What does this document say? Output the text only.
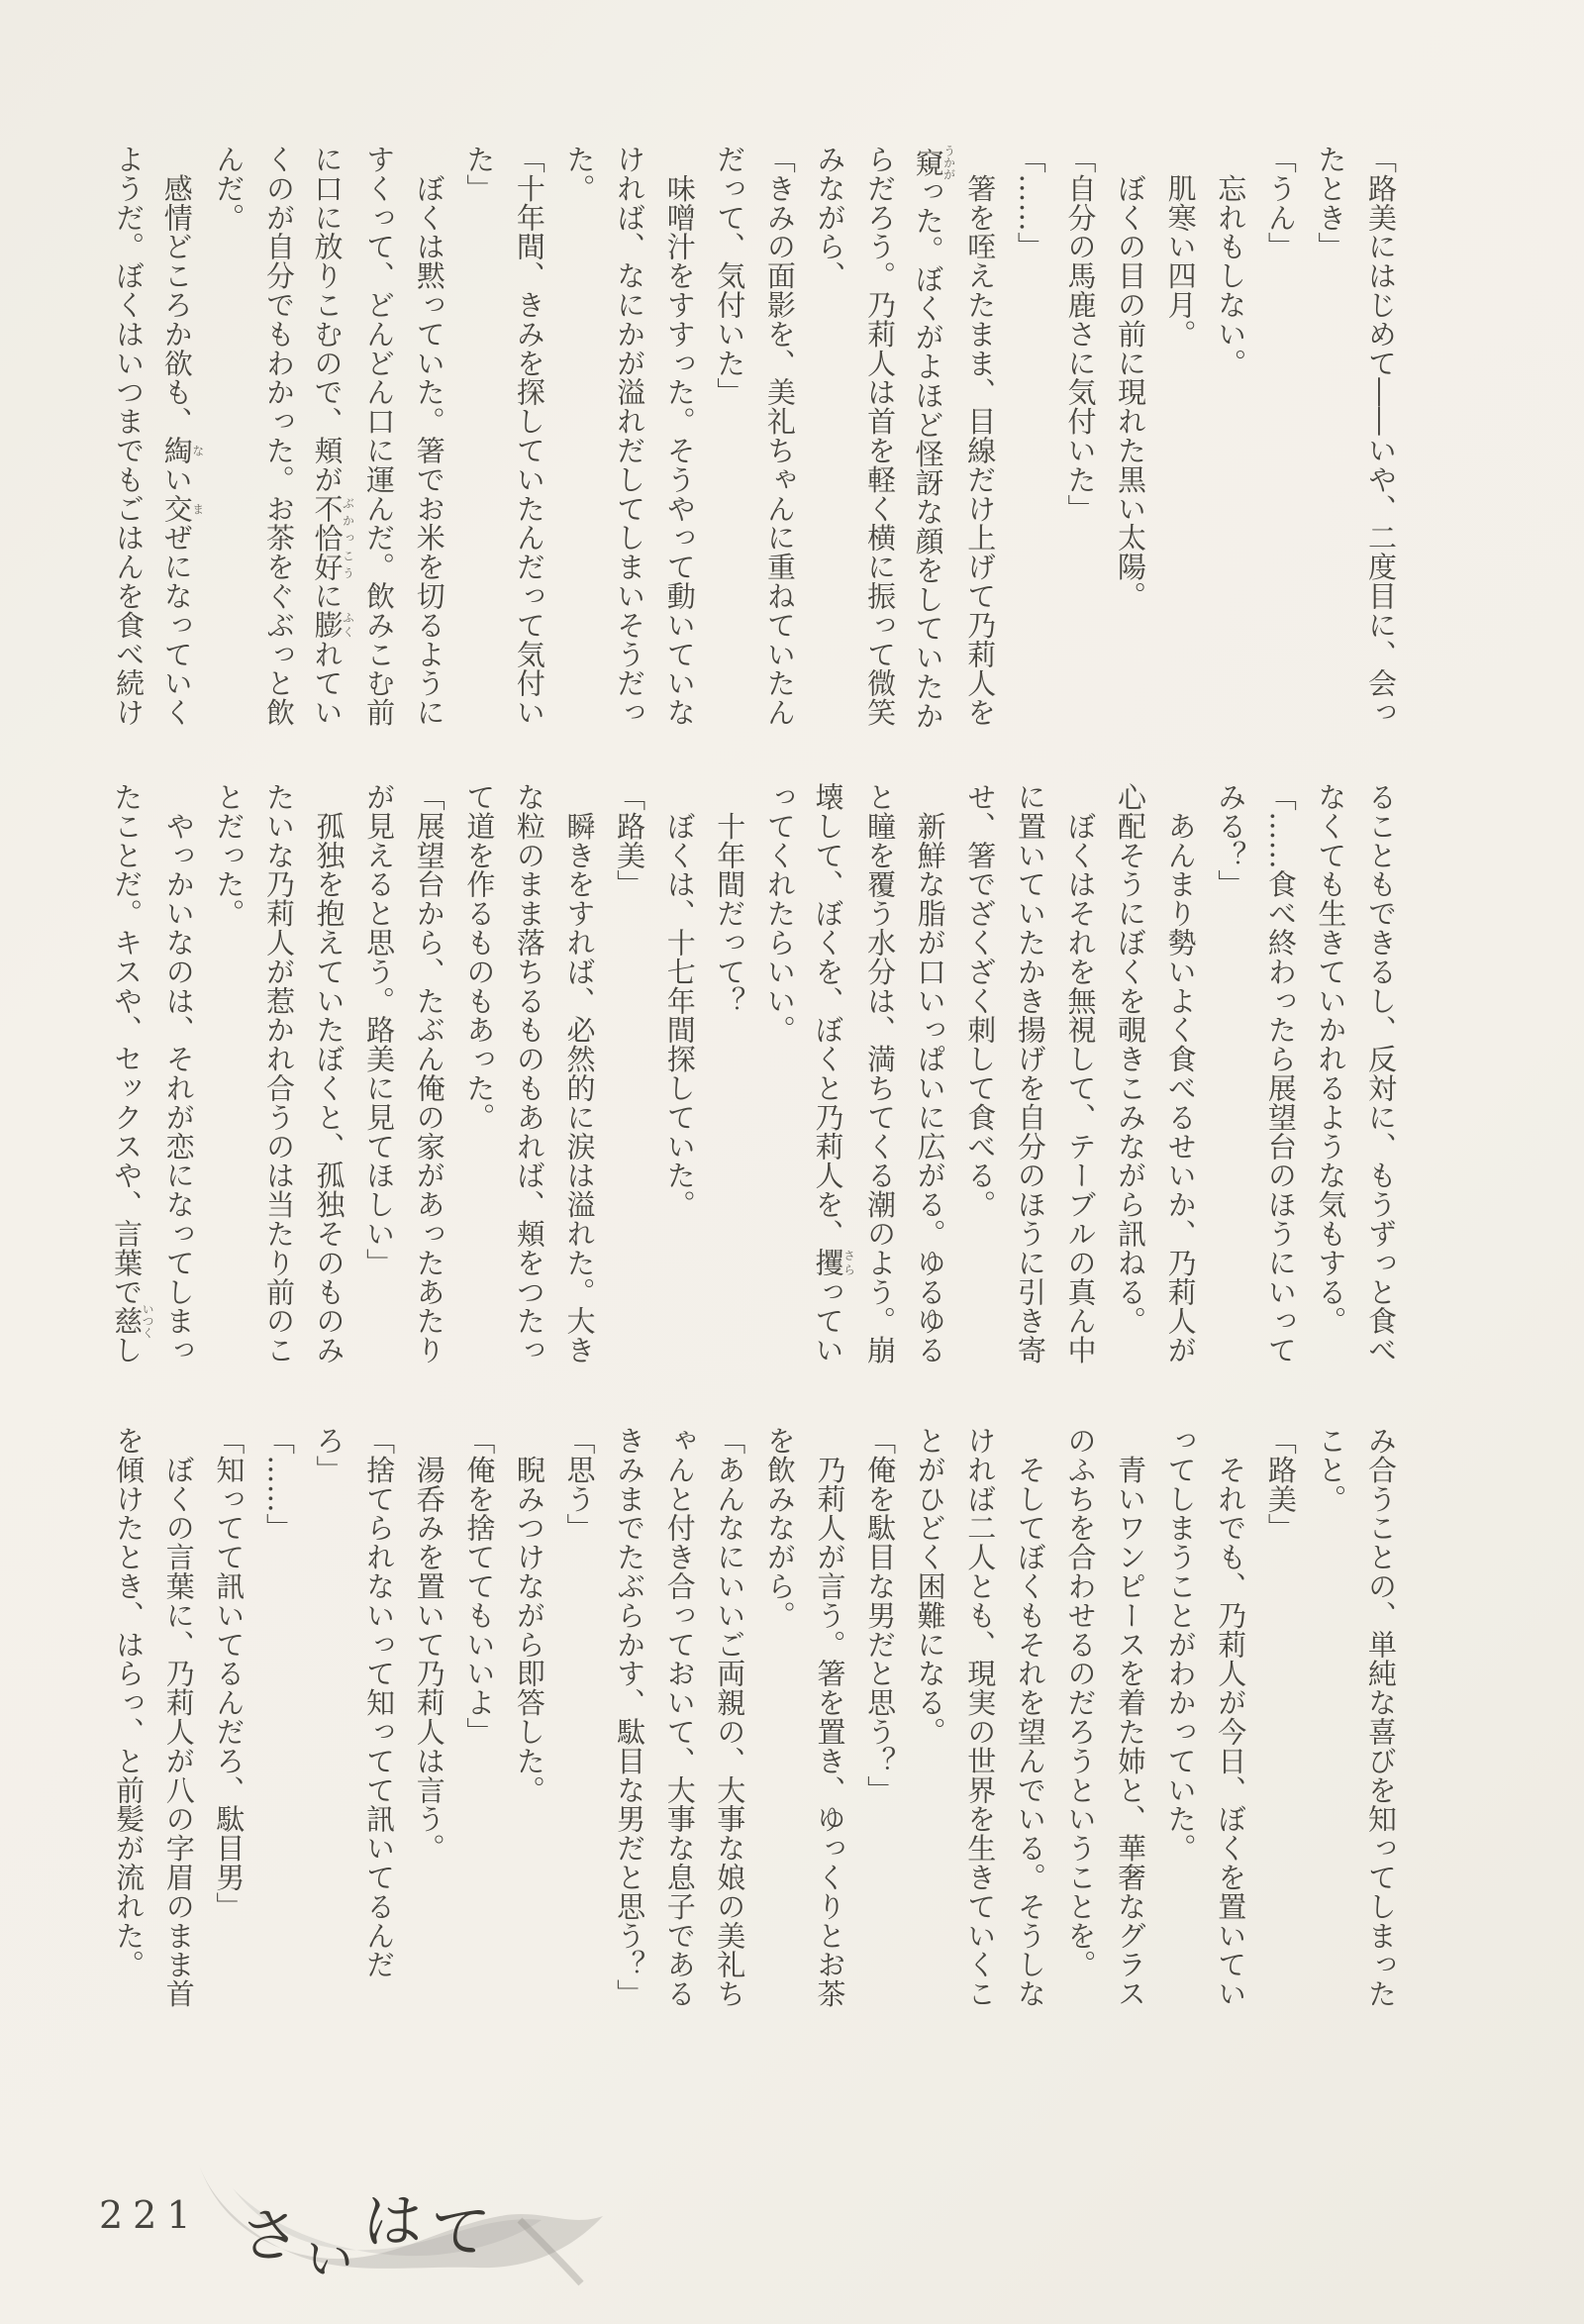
「路美にはじめて――いや、二度目に、会っ
たとき」
「うん」
　忘れもしない。
　肌寒い四月。
　ぼくの目の前に現れた黒い太陽。
「自分の馬鹿さに気付いた」
「……」
　箸を咥えたまま、目線だけ上げて乃莉人を
窺うかがった。ぼくがよほど怪訝な顔をしていたか
らだろう。乃莉人は首を軽く横に振って微笑
みながら、
「きみの面影を、美礼ちゃんに重ねていたん
だって、気付いた」
　味噌汁をすすった。そうやって動いていな
ければ、なにかが溢れだしてしまいそうだっ
た。
「十年間、きみを探していたんだって気付い
た」
　ぼくは黙っていた。箸でお米を切るように
すくって、どんどん口に運んだ。飲みこむ前
に口に放りこむので、頬が不恰好ぶかっこうに膨ふくれてい
くのが自分でもわかった。お茶をぐぶっと飲
んだ。
　感情どころか欲も、綯ない交まぜになっていく
ようだ。ぼくはいつまでもごはんを食べ続け
ることもできるし、反対に、もうずっと食べ
なくても生きていかれるような気もする。
「……食べ終わったら展望台のほうにいって
みる？」
　あんまり勢いよく食べるせいか、乃莉人が
心配そうにぼくを覗きこみながら訊ねる。
　ぼくはそれを無視して、テーブルの真ん中
に置いていたかき揚げを自分のほうに引き寄
せ、箸でざくざく刺して食べる。
　新鮮な脂が口いっぱいに広がる。ゆるゆる
と瞳を覆う水分は、満ちてくる潮のよう。崩
壊して、ぼくを、ぼくと乃莉人を、攫さらってい
ってくれたらいい。
　十年間だって？
　ぼくは、十七年間探していた。
「路美」
　瞬きをすれば、必然的に涙は溢れた。大き
な粒のまま落ちるものもあれば、頬をつたっ
て道を作るものもあった。
「展望台から、たぶん俺の家があったあたり
が見えると思う。路美に見てほしい」
　孤独を抱えていたぼくと、孤独そのものみ
たいな乃莉人が惹かれ合うのは当たり前のこ
とだった。
　やっかいなのは、それが恋になってしまっ
たことだ。キスや、セックスや、言葉で慈いつくし
み合うことの、単純な喜びを知ってしまった
こと。
「路美」
　それでも、乃莉人が今日、ぼくを置いてい
ってしまうことがわかっていた。
　青いワンピースを着た姉と、華奢なグラス
のふちを合わせるのだろうということを。
　そしてぼくもそれを望んでいる。そうしな
ければ二人とも、現実の世界を生きていくこ
とがひどく困難になる。
「俺を駄目な男だと思う？」
　乃莉人が言う。箸を置き、ゆっくりとお茶
を飲みながら。
「あんなにいいご両親の、大事な娘の美礼ち
ゃんと付き合っておいて、大事な息子である
きみまでたぶらかす、駄目な男だと思う？」
「思う」
　睨みつけながら即答した。
「俺を捨ててもいいよ」
　湯呑みを置いて乃莉人は言う。
「捨てられないって知ってて訊いてるんだ
ろ」
「……」
「知ってて訊いてるんだろ、駄目男」
　ぼくの言葉に、乃莉人が八の字眉のまま首
を傾けたとき、はらっ、と前髪が流れた。
221 さいはて
